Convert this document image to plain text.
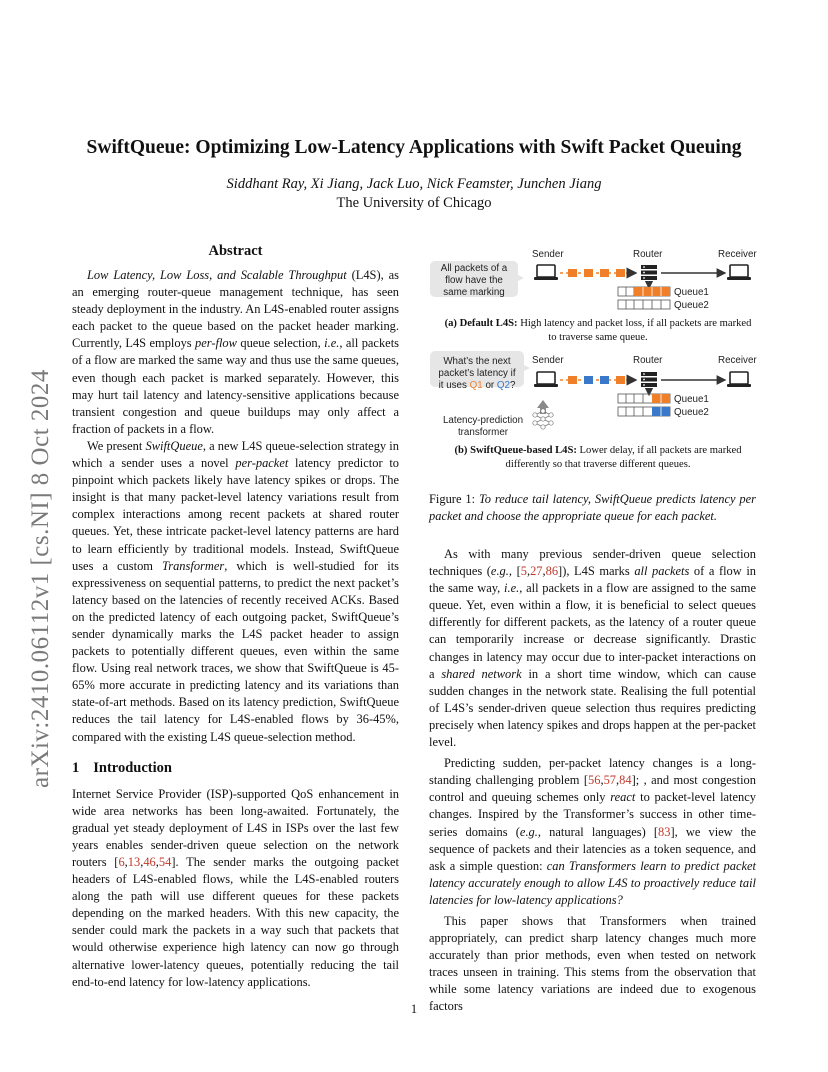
arXiv:2410.06112v1 [cs.NI] 8 Oct 2024
SwiftQueue: Optimizing Low-Latency Applications with Swift Packet Queuing
Siddhant Ray, Xi Jiang, Jack Luo, Nick Feamster, Junchen Jiang
The University of Chicago
Abstract

Low Latency, Low Loss, and Scalable Throughput (L4S), as an emerging router-queue management technique, has seen steady deployment in the industry. An L4S-enabled router assigns each packet to the queue based on the packet header marking. Currently, L4S employs per-flow queue selection, i.e., all packets of a flow are marked the same way and thus use the same queues, even though each packet is marked separately. However, this may hurt tail latency and latency-sensitive applications because transient congestion and queue buildups may only affect a fraction of packets in a flow.

We present SwiftQueue, a new L4S queue-selection strategy in which a sender uses a novel per-packet latency predictor to pinpoint which packets likely have latency spikes or drops. The insight is that many packet-level latency variations result from complex interactions among recent packets at shared router queues. Yet, these intricate packet-level latency patterns are hard to learn efficiently by traditional models. Instead, SwiftQueue uses a custom Transformer, which is well-studied for its expressiveness on sequential patterns, to predict the next packet’s latency based on the latencies of recently received ACKs. Based on the predicted latency of each outgoing packet, SwiftQueue’s sender dynamically marks the L4S packet header to assign packets to potentially different queues, even within the same flow. Using real network traces, we show that SwiftQueue is 45-65% more accurate in predicting latency and its variations than state-of-art methods. Based on its latency prediction, SwiftQueue reduces the tail latency for L4S-enabled flows by 36-45%, compared with the existing L4S queue-selection method.

1 Introduction

Internet Service Provider (ISP)-supported QoS enhancement in wide area networks has been long-awaited. Fortunately, the gradual yet steady deployment of L4S in ISPs over the last few years enables sender-driven queue selection on the network routers [6,13,46,54]. The sender marks the outgoing packet headers of L4S-enabled flows, while the L4S-enabled routers along the path will use different queues for these packets depending on the marked headers. With this new capacity, the sender could mark the packets in a way such that packets that would otherwise experience high latency can now go through alternative lower-latency queues, potentially reducing the tail end-to-end latency for low-latency applications.

Sender	Router	Receiver
All packets of a
flow have the
same marking	Queue1
Queue2
Sender	Router	Receiver
What’s the next
packet’s latency if
it uses Q1 or Q2?
Queue1
Queue2
Latency-prediction
transformer
(a) Default L4S: High latency and packet loss, if all packets are marked to traverse same queue.
(b) SwiftQueue-based L4S: Lower delay, if all packets are marked differently so that traverse different queues.
Figure 1: To reduce tail latency, SwiftQueue predicts latency per packet and choose the appropriate queue for each packet.

As with many previous sender-driven queue selection techniques (e.g., [5,27,86]), L4S marks all packets of a flow in the same way, i.e., all packets in a flow are assigned to the same queue. Yet, even within a flow, it is beneficial to select queues differently for different packets, as the latency of a router queue can temporarily increase or decrease significantly. Drastic changes in latency may occur due to inter-packet interactions on a shared network in a short time window, which can cause sudden changes in the network state. Realising the full potential of L4S’s sender-driven queue selection thus requires predicting precisely when latency spikes and drops happen at the per-packet level.

Predicting sudden, per-packet latency changes is a long-standing challenging problem [56,57,84]; , and most congestion control and queuing schemes only react to packet-level latency changes. Inspired by the Transformer’s success in other time-series domains (e.g., natural languages) [83], we view the sequence of packets and their latencies as a token sequence, and ask a simple question: can Transformers learn to predict packet latency accurately enough to allow L4S to proactively reduce tail latencies for low-latency applications?

This paper shows that Transformers when trained appropriately, can predict sharp latency changes much more accurately than prior methods, even when tested on network traces unseen in training. This stems from the observation that while some latency variations are indeed due to exogenous factors

1
